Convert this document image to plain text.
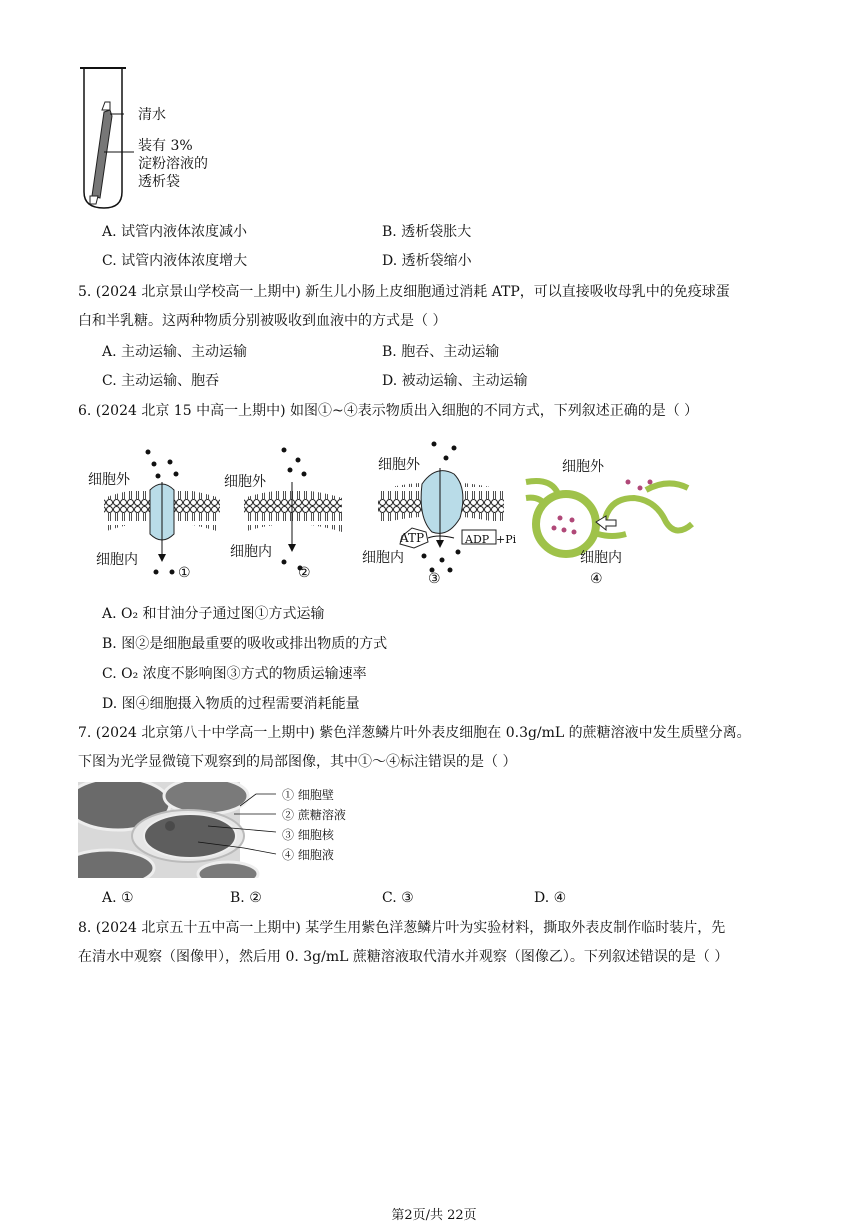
清水
装有 3%
淀粉溶液的
透析袋
A. 试管内液体浓度减小	B. 透析袋胀大
C. 试管内液体浓度增大	D. 透析袋缩小
5. (2024 北京景山学校高一上期中) 新生儿小肠上皮细胞通过消耗 ATP，可以直接吸收母乳中的免疫球蛋
白和半乳糖。这两种物质分别被吸收到血液中的方式是（ ）
A. 主动运输、主动运输	B. 胞吞、主动运输
C. 主动运输、胞吞	D. 被动运输、主动运输
6. (2024 北京 15 中高一上期中) 如图①~④表示物质出入细胞的不同方式，下列叙述正确的是（ ）
细胞外
细胞内
①
细胞外
细胞内
②
细胞外
ATP	ADP +Pi
细胞内
③
细胞外
细胞内
④
A. O₂ 和甘油分子通过图①方式运输
B. 图②是细胞最重要的吸收或排出物质的方式
C. O₂ 浓度不影响图③方式的物质运输速率
D. 图④细胞摄入物质的过程需要消耗能量
7. (2024 北京第八十中学高一上期中) 紫色洋葱鳞片叶外表皮细胞在 0.3g/mL 的蔗糖溶液中发生质壁分离。
下图为光学显微镜下观察到的局部图像，其中①～④标注错误的是（ ）
① 细胞壁
② 蔗糖溶液
③ 细胞核
④ 细胞液
A. ①	B. ②	C. ③	D. ④
8. (2024 北京五十五中高一上期中) 某学生用紫色洋葱鳞片叶为实验材料，撕取外表皮制作临时装片，先
在清水中观察（图像甲），然后用 0. 3g/mL 蔗糖溶液取代清水并观察（图像乙）。下列叙述错误的是（ ）
第2页/共 22页
